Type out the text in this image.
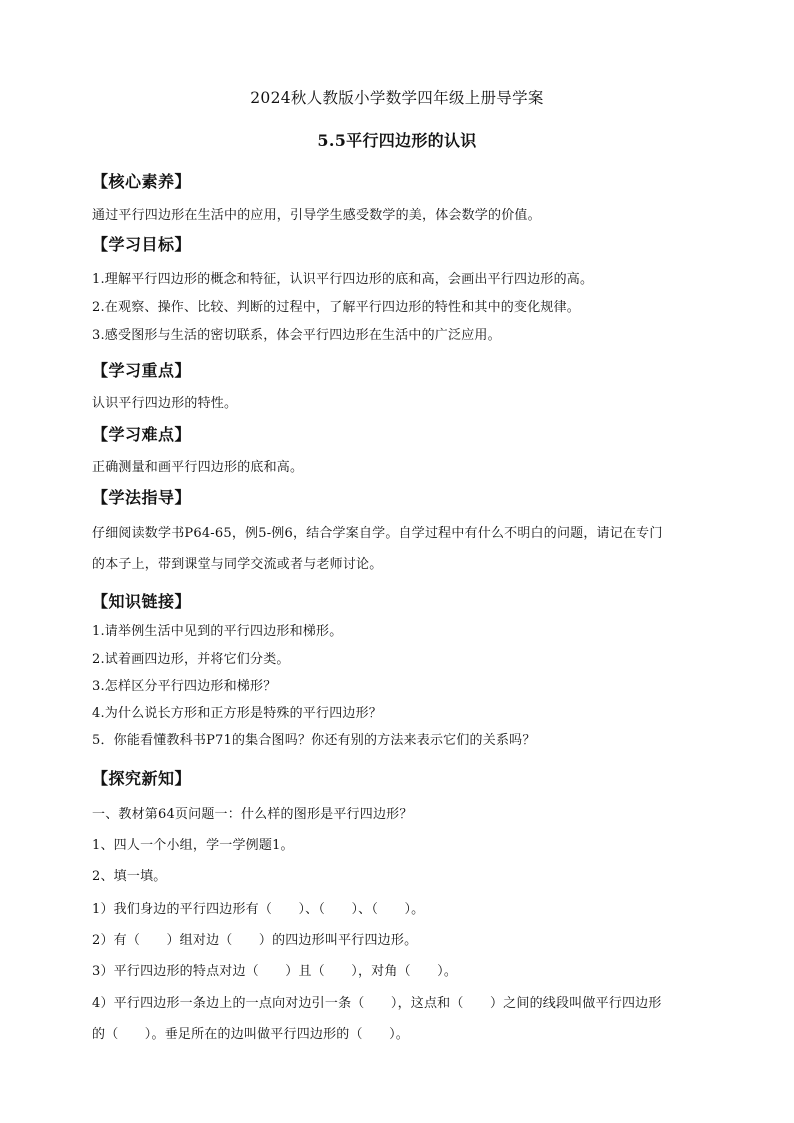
2024秋人教版小学数学四年级上册导学案
5.5平行四边形的认识
【核心素养】
通过平行四边形在生活中的应用，引导学生感受数学的美，体会数学的价值。
【学习目标】
1.理解平行四边形的概念和特征，认识平行四边形的底和高，会画出平行四边形的高。
2.在观察、操作、比较、判断的过程中，了解平行四边形的特性和其中的变化规律。
3.感受图形与生活的密切联系，体会平行四边形在生活中的广泛应用。
【学习重点】
认识平行四边形的特性。
【学习难点】
正确测量和画平行四边形的底和高。
【学法指导】
仔细阅读数学书P64-65，例5-例6，结合学案自学。自学过程中有什么不明白的问题，请记在专门
的本子上，带到课堂与同学交流或者与老师讨论。
【知识链接】
1.请举例生活中见到的平行四边形和梯形。
2.试着画四边形，并将它们分类。
3.怎样区分平行四边形和梯形？
4.为什么说长方形和正方形是特殊的平行四边形？
5．你能看懂教科书P71的集合图吗？你还有别的方法来表示它们的关系吗？
【探究新知】
一、教材第64页问题一：什么样的图形是平行四边形？
1、四人一个小组，学一学例题1。
2、填一填。
1）我们身边的平行四边形有（　　）、（　　）、（　　）。
2）有（　　）组对边（　　）的四边形叫平行四边形。
3）平行四边形的特点对边（　　）且（　　），对角（　　）。
4）平行四边形一条边上的一点向对边引一条（　　），这点和（　　）之间的线段叫做平行四边形
的（　　）。垂足所在的边叫做平行四边形的（　　）。
